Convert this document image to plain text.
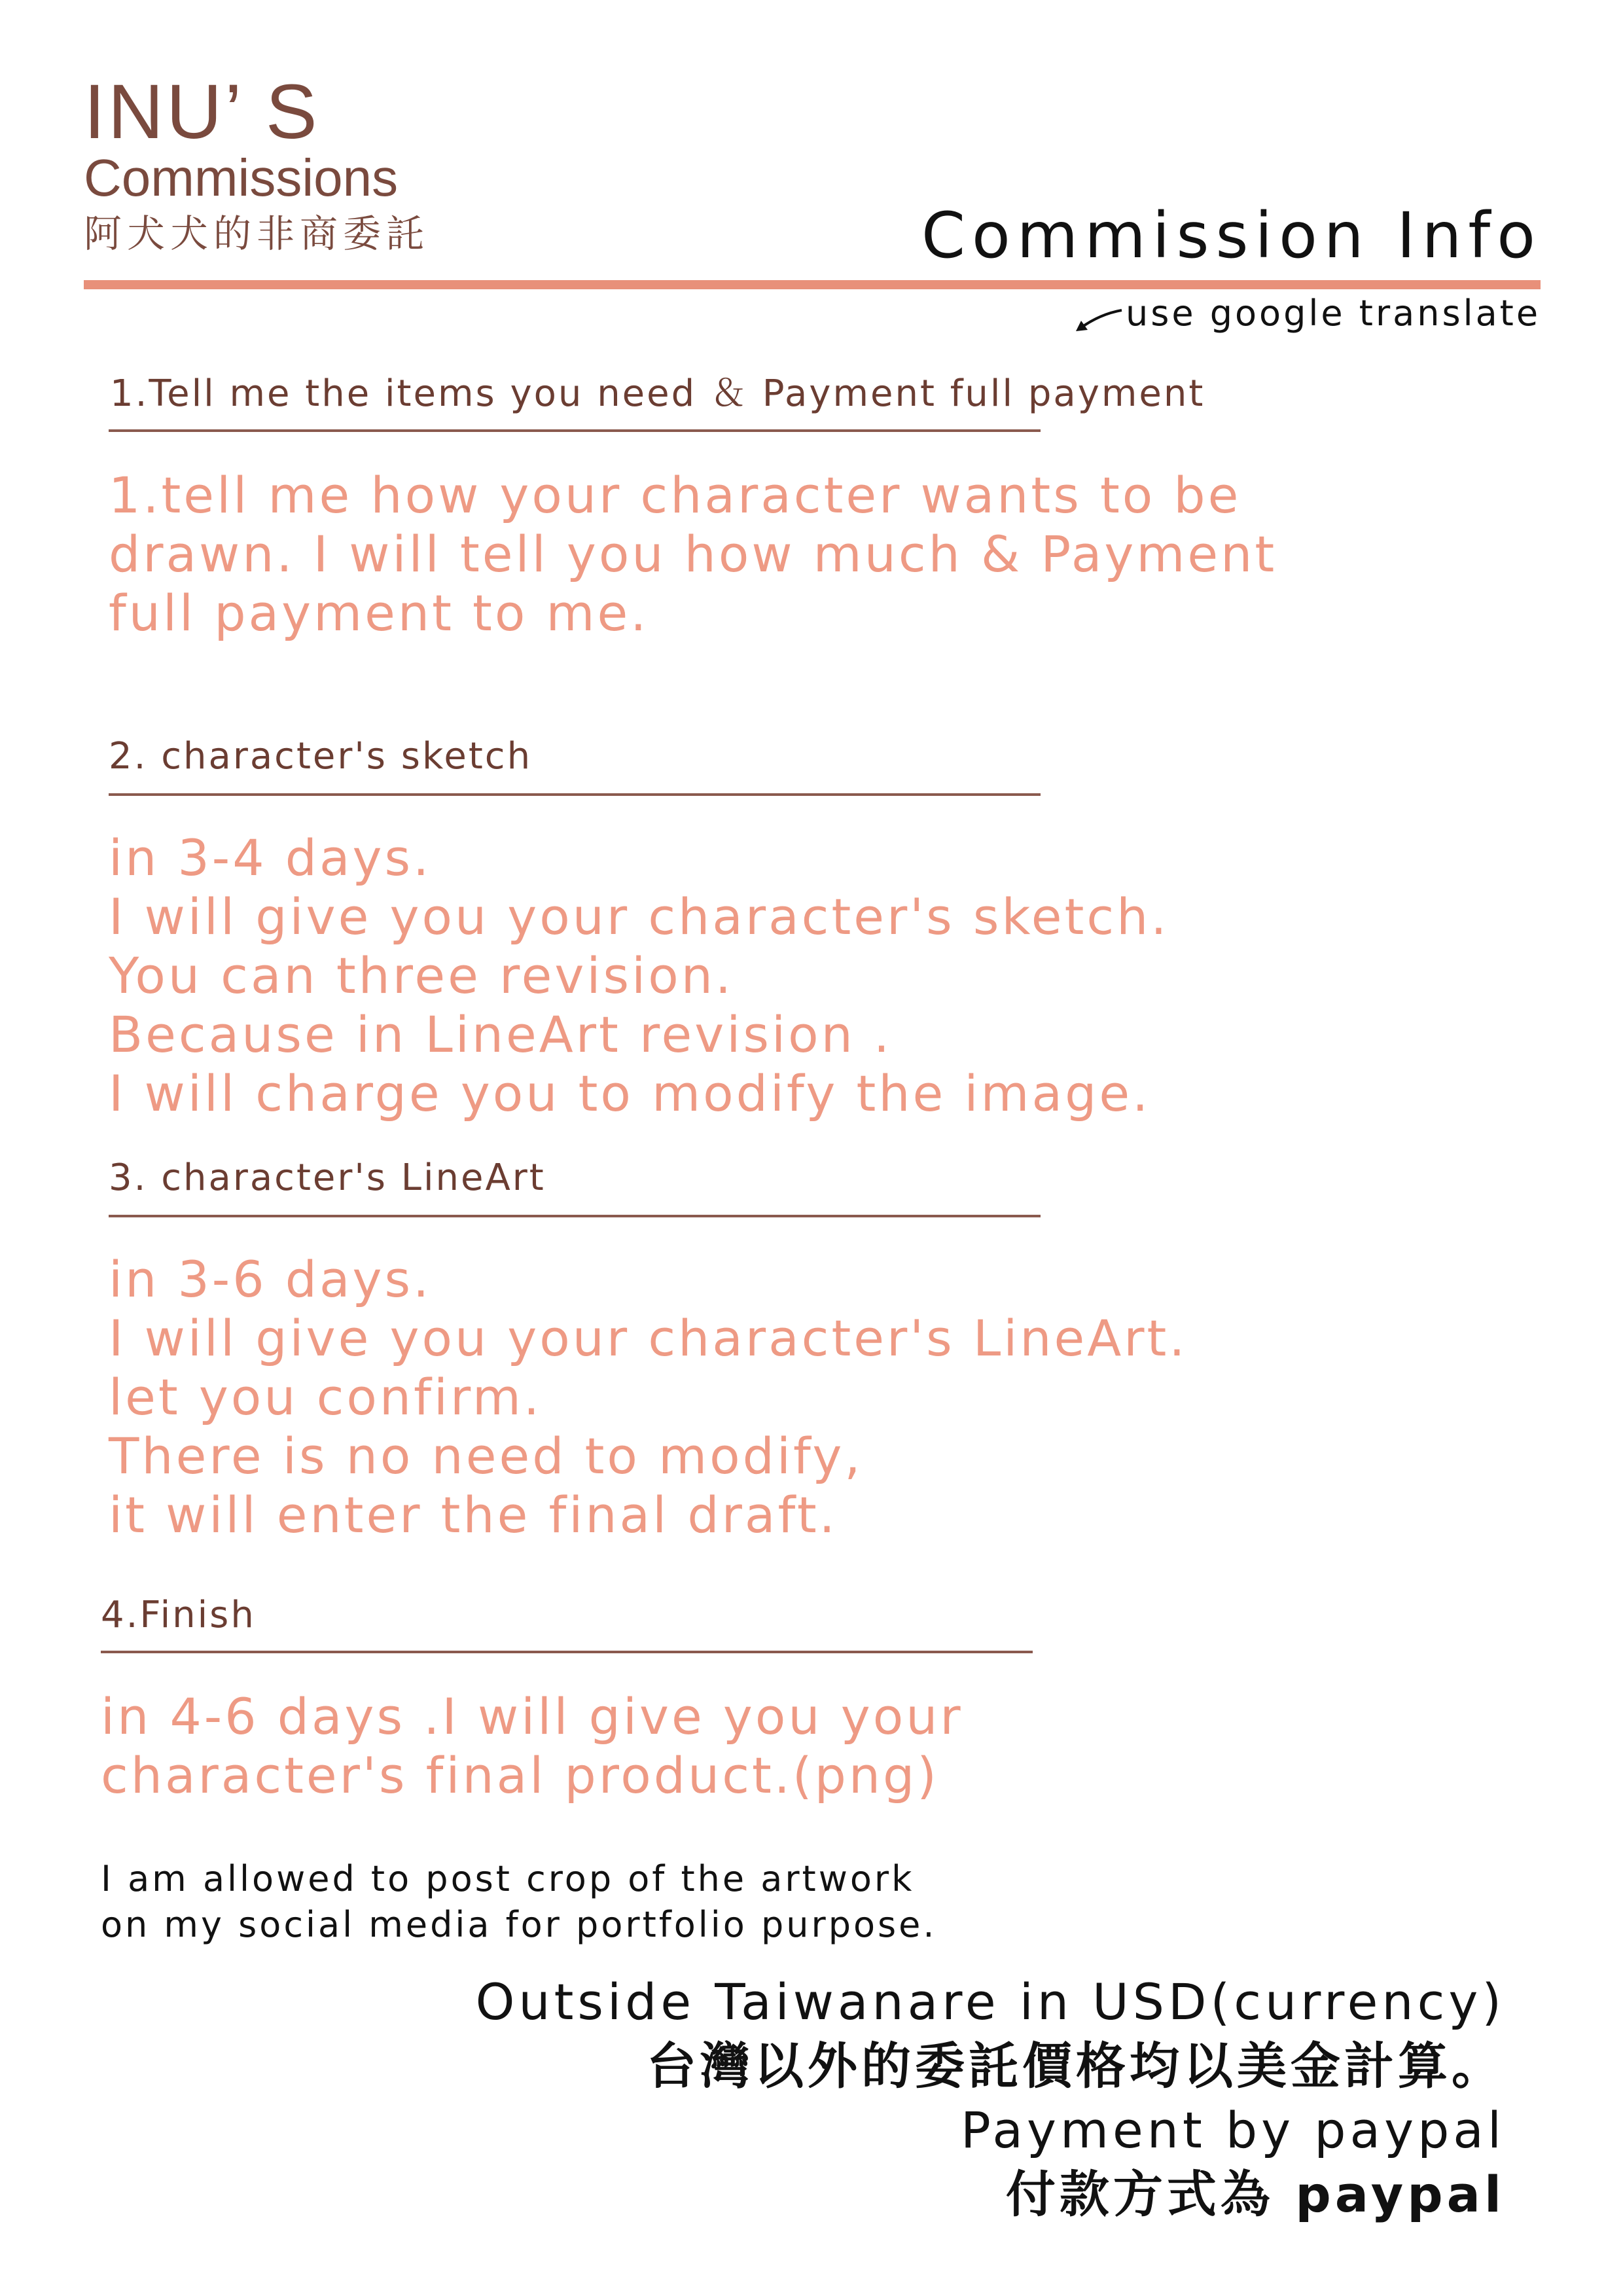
INU’ S
Commissions
阿犬犬的非商委託	Commission Info
use google translate
1.Tell me the items you need ＆ Payment full payment
1.tell me how your character wants to be
drawn. I will tell you how much & Payment
full payment to me.
2. character's sketch
in 3-4 days.
I will give you your character's sketch.
You can three revision.
Because in LineArt revision .
I will charge you to modify the image.
3. character's LineArt
in 3-6 days.
I will give you your character's LineArt.
let you confirm.
There is no need to modify,
it will enter the final draft.
4.Finish
in 4-6 days .I will give you your
character's final product.(png)
I am allowed to post crop of the artwork
on my social media for portfolio purpose.
Outside Taiwanare in USD(currency)
台灣以外的委託價格均以美金計算。
Payment by paypal
付款方式為 paypal
